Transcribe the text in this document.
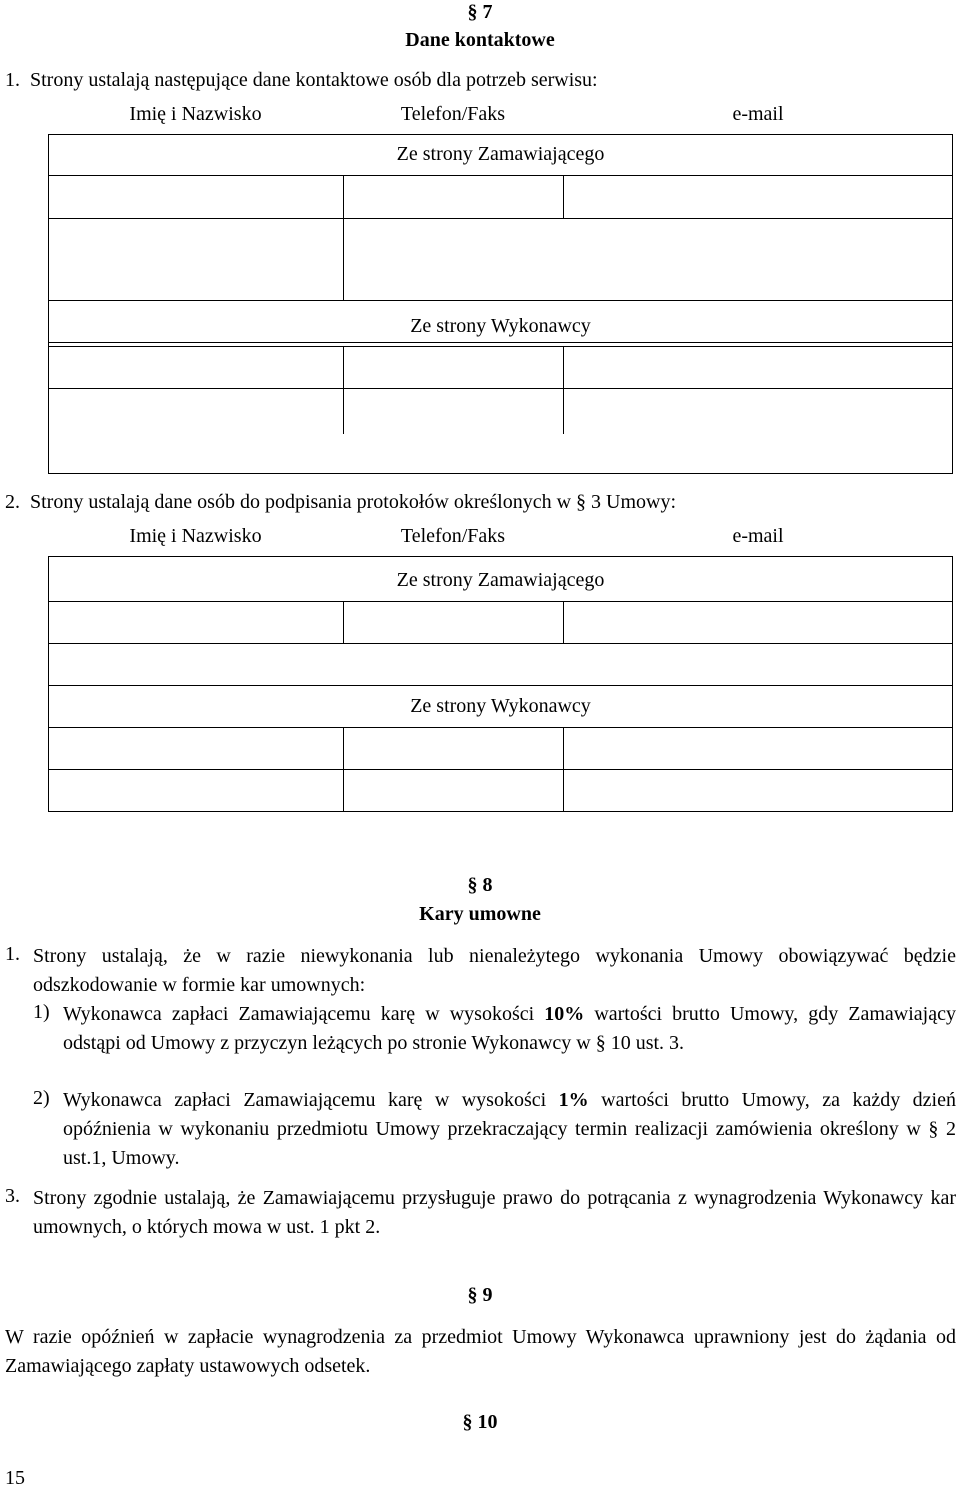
§ 7
Dane kontaktowe
1.  Strony ustalają następujące dane kontaktowe osób dla potrzeb serwisu:
Imię i Nazwisko	Telefon/Faks	e-mail
Ze strony Zamawiającego
Ze strony Wykonawcy
2.  Strony ustalają dane osób do podpisania protokołów określonych w § 3 Umowy:
Imię i Nazwisko	Telefon/Faks	e-mail
Ze strony Zamawiającego
Ze strony Wykonawcy
§ 8
Kary umowne
1. Strony ustalają, że w razie niewykonania lub nienależytego wykonania Umowy obowiązywać będzie odszkodowanie w formie kar umownych:
1) Wykonawca zapłaci Zamawiającemu karę w wysokości 10% wartości brutto Umowy, gdy Zamawiający odstąpi od Umowy z przyczyn leżących po stronie Wykonawcy w § 10 ust. 3.
2) Wykonawca zapłaci Zamawiającemu karę w wysokości 1% wartości brutto Umowy, za każdy dzień opóźnienia w wykonaniu przedmiotu Umowy przekraczający termin realizacji zamówienia określony w § 2 ust.1, Umowy.
3. Strony zgodnie ustalają, że Zamawiającemu przysługuje prawo do potrącania z wynagrodzenia Wykonawcy kar umownych, o których mowa w ust. 1 pkt 2.
§ 9
W razie opóźnień w zapłacie wynagrodzenia za przedmiot Umowy Wykonawca uprawniony jest do żądania od Zamawiającego zapłaty ustawowych odsetek.
§ 10
15
